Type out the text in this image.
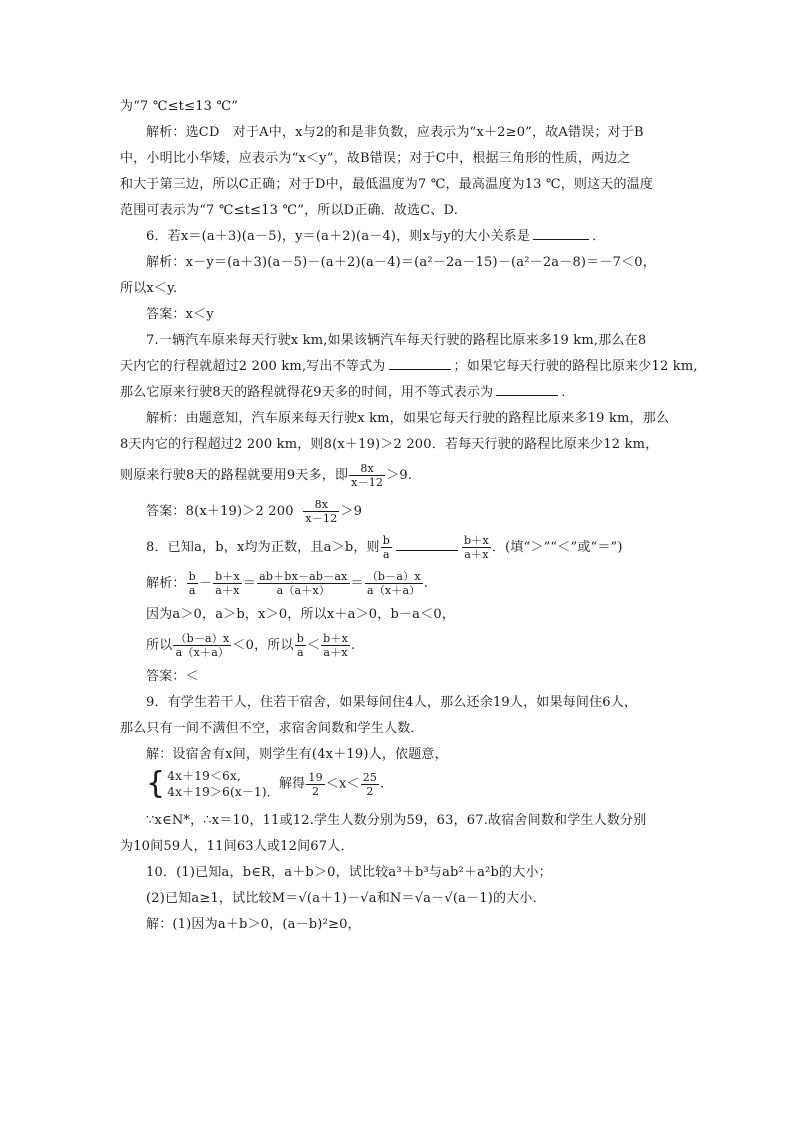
为“7 ℃≤t≤13 ℃”
解析：选CD　对于A中，x与2的和是非负数，应表示为“x＋2≥0”，故A错误；对于B
中，小明比小华矮，应表示为“x＜y”，故B错误；对于C中，根据三角形的性质，两边之
和大于第三边，所以C正确；对于D中，最低温度为7 ℃，最高温度为13 ℃，则这天的温度
范围可表示为“7 ℃≤t≤13 ℃”，所以D正确．故选C、D.
6．若x＝(a＋3)(a－5)，y＝(a＋2)(a－4)，则x与y的大小关系是	．
解析：x－y＝(a＋3)(a－5)－(a＋2)(a－4)＝(a²－2a－15)－(a²－2a－8)＝－7＜0，
所以x＜y.
答案：x＜y
7.一辆汽车原来每天行驶x km,如果该辆汽车每天行驶的路程比原来多19 km,那么在8
天内它的行程就超过2 200 km,写出不等式为	；如果它每天行驶的路程比原来少12 km,
那么它原来行驶8天的路程就得花9天多的时间，用不等式表示为	．
解析：由题意知，汽车原来每天行驶x km，如果它每天行驶的路程比原来多19 km，那么
8天内它的行程超过2 200 km，则8(x＋19)＞2 200．若每天行驶的路程比原来少12 km，
则原来行驶8天的路程就要用9天多，即 $\frac{8x}{x-12} >9$.
答案：8(x＋19)＞2 $200 \frac{8x}{x-12} >9$
8．已知a，b，x均为正数，且a＞b，则 $\frac{b}{a}$	$\frac{b+x}{a+x}$ ．(填“＞”“＜”或“＝”)
解析： $\frac{b}{a} - \frac{b+x}{a+x} = \frac{ab+bx-ab-ax}{a(a+x)} = \frac{(b-a)x}{a(x+a)}$ .
因为a＞0，a＞b，x＞0，所以x＋a＞0，b－a＜0，
所以 $\frac{(b-a)x}{a(x+a)} <0$，所以 $\frac{b}{a} < \frac{b+x}{a+x}$ .
答案：＜
9．有学生若干人，住若干宿舍，如果每间住4人，那么还余19人，如果每间住6人，
那么只有一间不满但不空，求宿舍间数和学生人数．
解：设宿舍有x间，则学生有(4x＋19)人，依题意，
{ 4x＋19＜6x,
4x＋19＞6(x－1)．
解得 $\frac{19}{2} <x< \frac{25}{2}$ .
∵x∈N*，∴x＝10，11或12.学生人数分别为59，63，67.故宿舍间数和学生人数分别
为10间59人，11间63人或12间67人．
10．(1)已知a，b∈R，a＋b＞0，试比较a³＋b³与ab²＋a²b的大小；
(2)已知a≥1，试比较M＝√(a＋1)－√a和N＝√a－√(a－1)的大小．
解：(1)因为a＋b＞0，(a－b)²≥0，
